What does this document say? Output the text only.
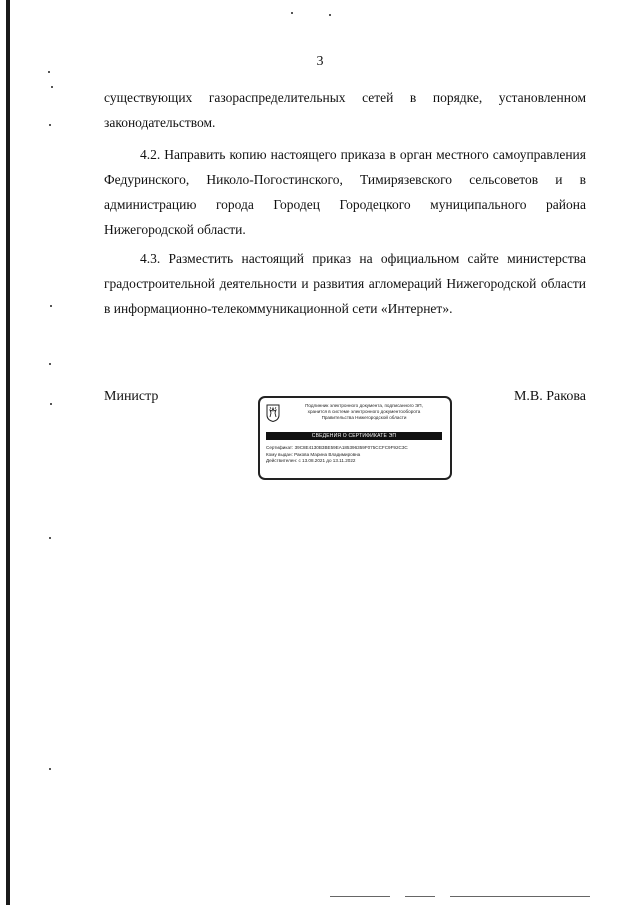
3

существующих газораспределительных сетей в порядке, установленном законодательством.

4.2. Направить копию настоящего приказа в орган местного самоуправления Федуринского, Николо-Погостинского, Тимирязевского сельсоветов и в администрацию города Городец Городецкого муниципального района Нижегородской области.

4.3. Разместить настоящий приказ на официальном сайте министерства градостроительной деятельности и развития агломераций Нижегородской области в информационно-телекоммуникационной сети «Интернет».

Министр	М.В. Ракова
Подлинник электронного документа, подписанного ЭП,
хранится в системе электронного документооборота
Правительства Нижегородской области
СВЕДЕНИЯ О СЕРТИФИКАТЕ ЭП
Сертификат: 39C8E4130B3BE59EA185396359F075CCFC9F92C3C
Кому выдан: Ракова Марина Владимировна
Действителен: с 13.08.2021 до 13.11.2022
